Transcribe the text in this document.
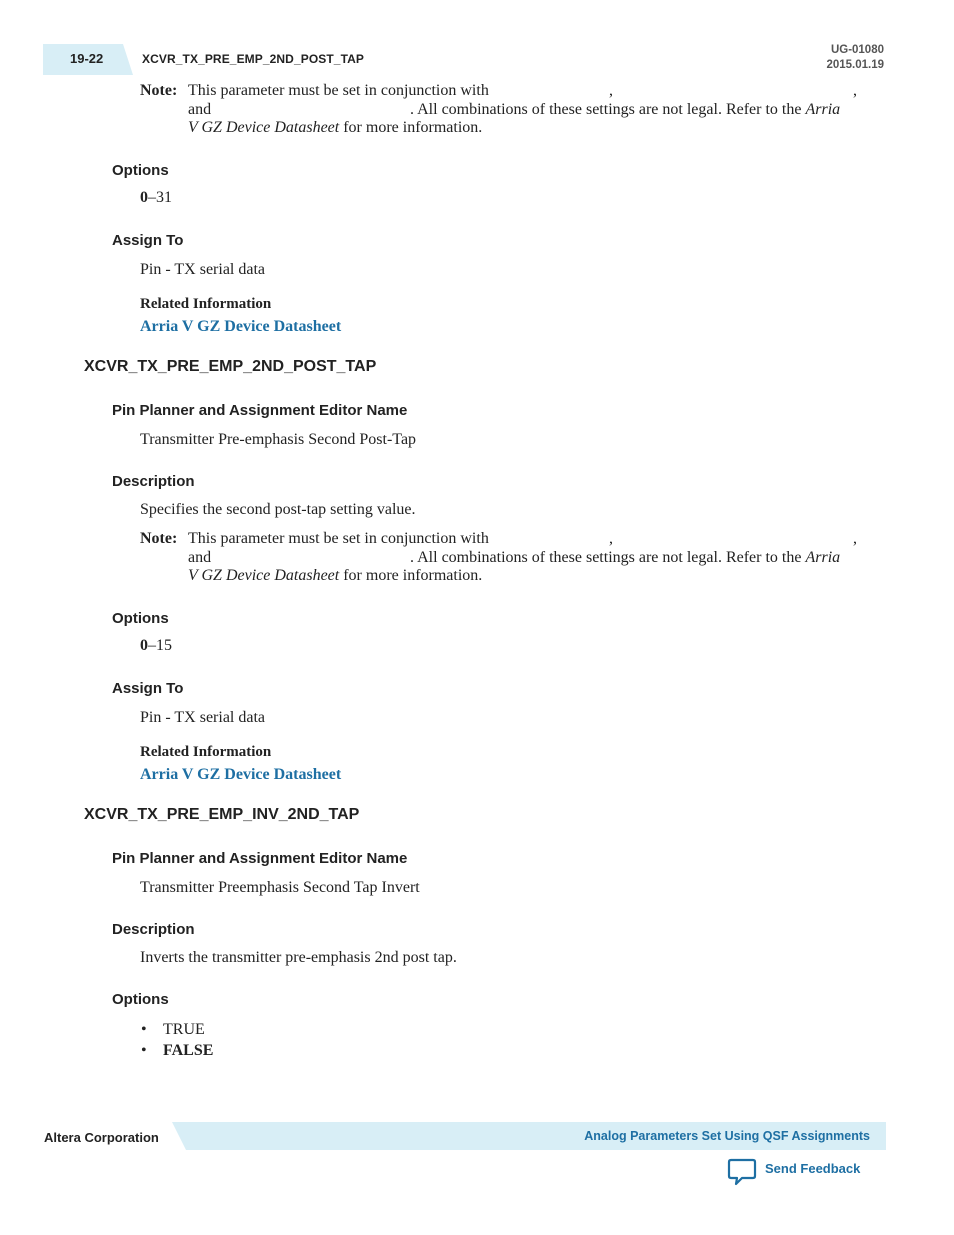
19-22	XCVR_TX_PRE_EMP_2ND_POST_TAP
UG-01080
2015.01.19
Note: This parameter must be set in conjunction with	,	,
and	. All combinations of these settings are not legal. Refer to the Arria
V GZ Device Datasheet for more information.
Options
0–31
Assign To
Pin - TX serial data
Related Information
Arria V GZ Device Datasheet
XCVR_TX_PRE_EMP_2ND_POST_TAP
Pin Planner and Assignment Editor Name
Transmitter Pre-emphasis Second Post-Tap
Description
Specifies the second post-tap setting value.
Note: This parameter must be set in conjunction with	,	,
and	. All combinations of these settings are not legal. Refer to the Arria
V GZ Device Datasheet for more information.
Options
0–15
Assign To
Pin - TX serial data
Related Information
Arria V GZ Device Datasheet
XCVR_TX_PRE_EMP_INV_2ND_TAP
Pin Planner and Assignment Editor Name
Transmitter Preemphasis Second Tap Invert
Description
Inverts the transmitter pre-emphasis 2nd post tap.
Options
• TRUE
• FALSE
Altera Corporation	Analog Parameters Set Using QSF Assignments
Send Feedback
